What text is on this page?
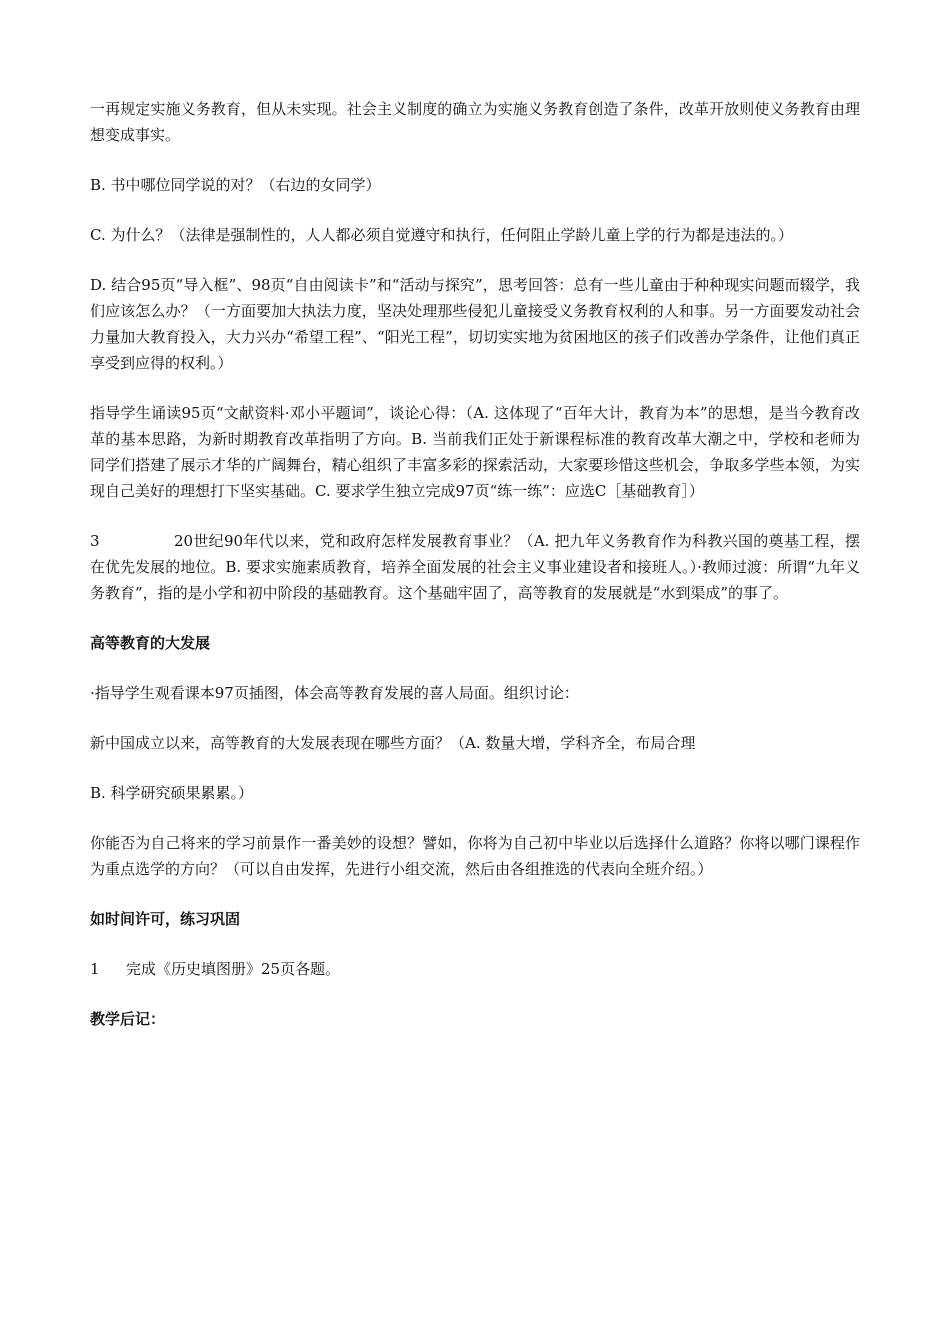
一再规定实施义务教育，但从未实现。社会主义制度的确立为实施义务教育创造了条件，改革开放则使义务教育由理想变成事实。

B. 书中哪位同学说的对？（右边的女同学）

C. 为什么？（法律是强制性的，人人都必须自觉遵守和执行，任何阻止学龄儿童上学的行为都是违法的。）

D. 结合95页“导入框”、98页“自由阅读卡”和“活动与探究”，思考回答：总有一些儿童由于种种现实问题而辍学，我们应该怎么办？（一方面要加大执法力度，坚决处理那些侵犯儿童接受义务教育权利的人和事。另一方面要发动社会力量加大教育投入，大力兴办“希望工程”、“阳光工程”，切切实实地为贫困地区的孩子们改善办学条件，让他们真正享受到应得的权利。）

指导学生诵读95页“文献资料·邓小平题词”，谈论心得：（A. 这体现了“百年大计，教育为本”的思想，是当今教育改革的基本思路，为新时期教育改革指明了方向。B. 当前我们正处于新课程标准的教育改革大潮之中，学校和老师为同学们搭建了展示才华的广阔舞台，精心组织了丰富多彩的探索活动，大家要珍惜这些机会，争取多学些本领，为实现自己美好的理想打下坚实基础。C. 要求学生独立完成97页“练一练”：应选C［基础教育］）

3	20世纪90年代以来，党和政府怎样发展教育事业？（A. 把九年义务教育作为科教兴国的奠基工程，摆在优先发展的地位。B. 要求实施素质教育，培养全面发展的社会主义事业建设者和接班人。）·教师过渡：所谓“九年义务教育”，指的是小学和初中阶段的基础教育。这个基础牢固了，高等教育的发展就是“水到渠成”的事了。

高等教育的大发展

·指导学生观看课本97页插图，体会高等教育发展的喜人局面。组织讨论：

新中国成立以来，高等教育的大发展表现在哪些方面？（A. 数量大增，学科齐全，布局合理

B. 科学研究硕果累累。）

你能否为自己将来的学习前景作一番美妙的设想？譬如，你将为自己初中毕业以后选择什么道路？你将以哪门课程作为重点选学的方向？（可以自由发挥，先进行小组交流，然后由各组推选的代表向全班介绍。）

如时间许可，练习巩固

1 完成《历史填图册》25页各题。

教学后记：
